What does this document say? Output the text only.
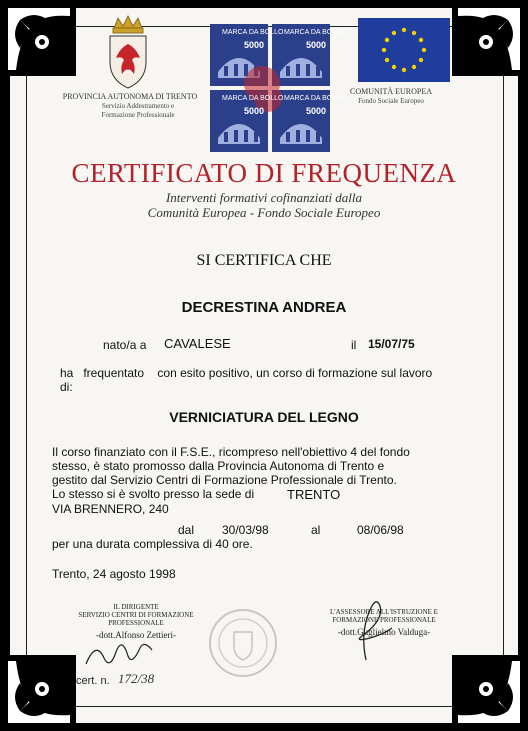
PROVINCIA AUTONOMA DI TRENTO
Servizio Addestramento e
Formazione Professionale
MARCA DA BOLLO MARCA DA BOLLO
MARCA DA BOLLO MARCA DA BOLLO
5000	5000
5000	5000
COMUNITÀ EUROPEA
Fondo Sociale Europeo
CERTIFICATO DI FREQUENZA
Interventi formativi cofinanziati dalla
Comunità Europea - Fondo Sociale Europeo
SI CERTIFICA CHE
DECRESTINA ANDREA
nato/a a CAVALESE	il 15/07/75
ha   frequentato    con esito positivo, un corso di formazione sul lavoro
di:
VERNICIATURA DEL LEGNO
Il corso finanziato con il F.S.E., ricompreso nell'obiettivo 4 del fondo
stesso, è stato promosso dalla Provincia Autonoma di Trento e
gestito dal Servizio Centri di Formazione Professionale di Trento.
Lo stesso si è svolto presso la sede di	TRENTO
VIA BRENNERO, 240
dal 30/03/98	al	08/06/98
per una durata complessiva di 40 ore.
Trento, 24 agosto 1998
IL DIRIGENTE
SERVIZIO CENTRI DI FORMAZIONE
PROFESSIONALE
-dott.Alfonso Zettieri-
L'ASSESSORE ALL'ISTRUZIONE E
FORMAZIONE PROFESSIONALE
-dott.Guglielmo Valduga-
cert. n. 172/38
